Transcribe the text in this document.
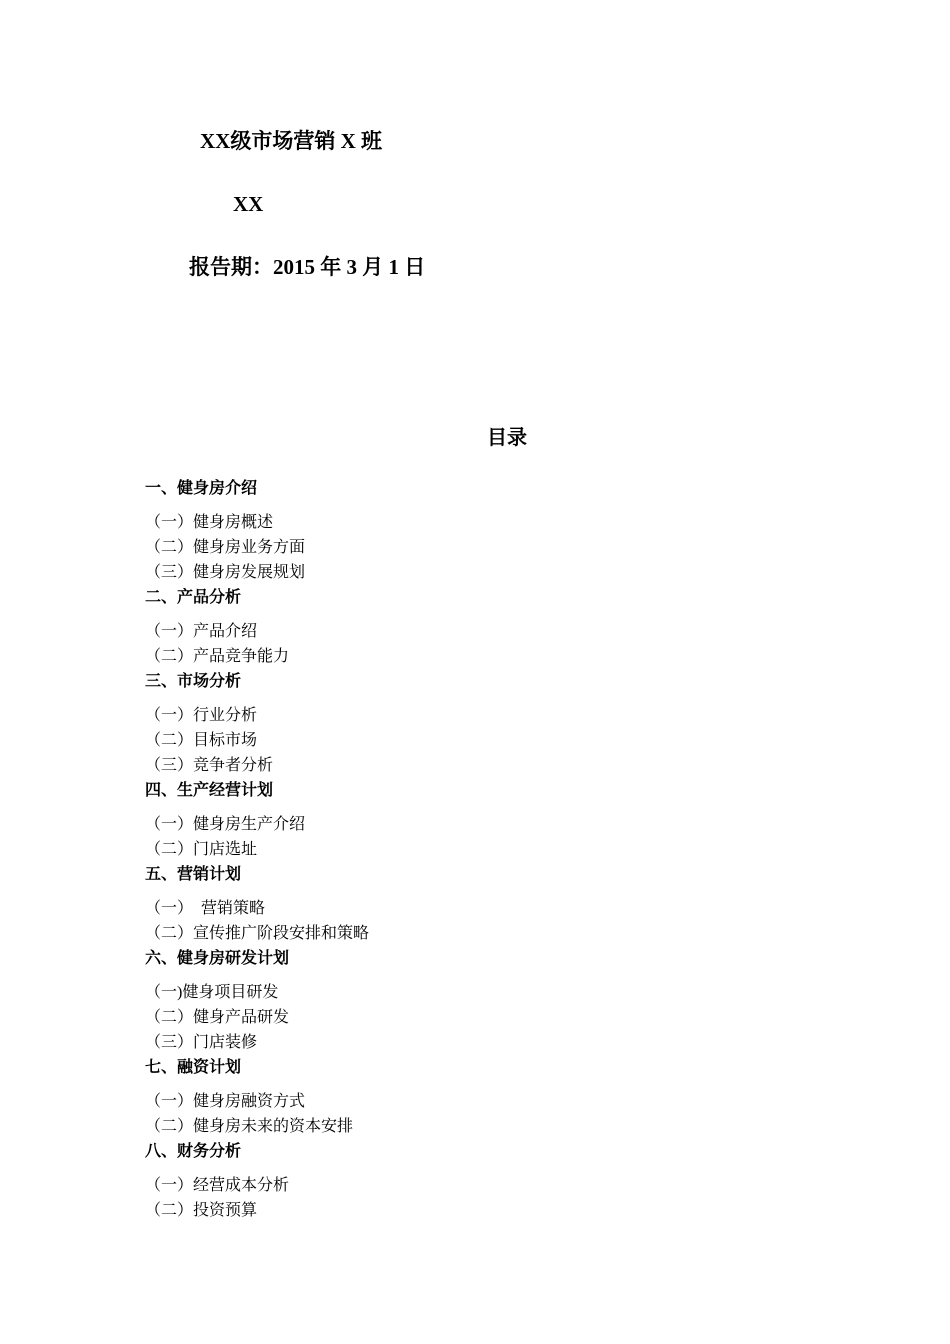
XX级市场营销 X 班
XX
报告期：2015 年 3 月 1 日
目录
一、健身房介绍
（一）健身房概述
（二）健身房业务方面
（三）健身房发展规划
二、产品分析
（一）产品介绍
（二）产品竞争能力
三、市场分析
（一）行业分析
（二）目标市场
（三）竞争者分析
四、生产经营计划
（一）健身房生产介绍
（二）门店选址
五、营销计划
（一）  营销策略
（二）宣传推广阶段安排和策略
六、健身房研发计划
（一)健身项目研发
（二）健身产品研发
（三）门店装修
七、融资计划
（一）健身房融资方式
（二）健身房未来的资本安排
八、财务分析
（一）经营成本分析
（二）投资预算
